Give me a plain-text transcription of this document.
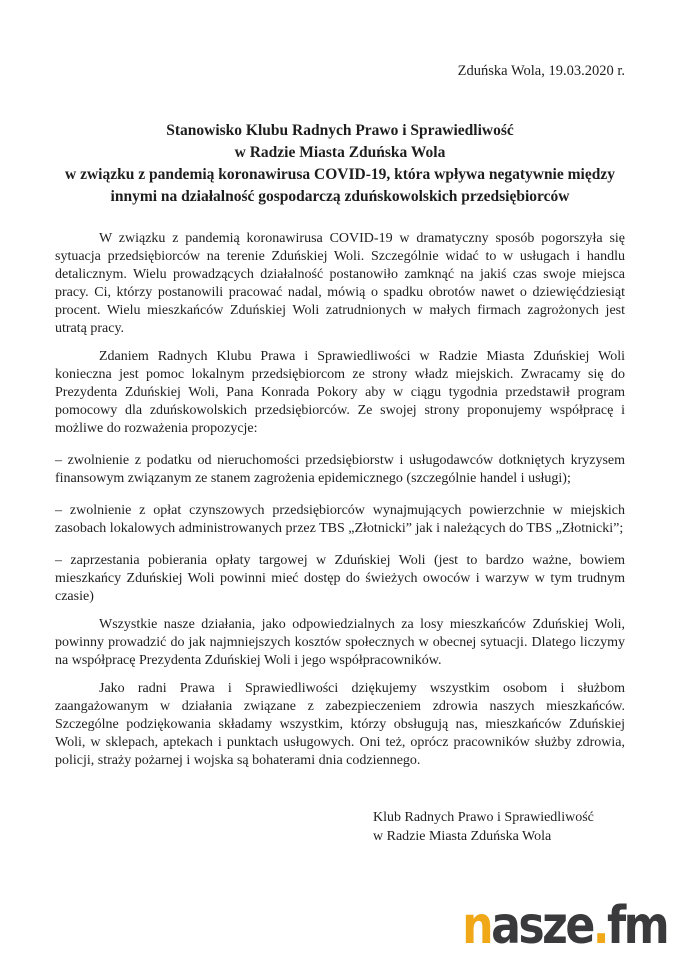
Zduńska Wola, 19.03.2020 r.
Stanowisko Klubu Radnych Prawo i Sprawiedliwość
w Radzie Miasta Zduńska Wola
w związku z pandemią koronawirusa COVID-19, która wpływa negatywnie między
innymi na działalność gospodarczą zduńskowolskich przedsiębiorców

W związku z pandemią koronawirusa COVID-19 w dramatyczny sposób pogorszyła się sytuacja przedsiębiorców na terenie Zduńskiej Woli. Szczególnie widać to w usługach i handlu detalicznym. Wielu prowadzących działalność postanowiło zamknąć na jakiś czas swoje miejsca pracy. Ci, którzy postanowili pracować nadal, mówią o spadku obrotów nawet o dziewięćdziesiąt procent. Wielu mieszkańców Zduńskiej Woli zatrudnionych w małych firmach zagrożonych jest utratą pracy.

Zdaniem Radnych Klubu Prawa i Sprawiedliwości w Radzie Miasta Zduńskiej Woli konieczna jest pomoc lokalnym przedsiębiorcom ze strony władz miejskich. Zwracamy się do Prezydenta Zduńskiej Woli, Pana Konrada Pokory aby w ciągu tygodnia przedstawił program pomocowy dla zduńskowolskich przedsiębiorców. Ze swojej strony proponujemy współpracę i możliwe do rozważenia propozycje:

– zwolnienie z podatku od nieruchomości przedsiębiorstw i usługodawców dotkniętych kryzysem finansowym związanym ze stanem zagrożenia epidemicznego (szczególnie handel i usługi);

– zwolnienie z opłat czynszowych przedsiębiorców wynajmujących powierzchnie w miejskich zasobach lokalowych administrowanych przez TBS „Złotnicki” jak i należących do TBS „Złotnicki”;

– zaprzestania pobierania opłaty targowej w Zduńskiej Woli (jest to bardzo ważne, bowiem mieszkańcy Zduńskiej Woli powinni mieć dostęp do świeżych owoców i warzyw w tym trudnym czasie)

Wszystkie nasze działania, jako odpowiedzialnych za losy mieszkańców Zduńskiej Woli, powinny prowadzić do jak najmniejszych kosztów społecznych w obecnej sytuacji. Dlatego liczymy na współpracę Prezydenta Zduńskiej Woli i jego współpracowników.

Jako radni Prawa i Sprawiedliwości dziękujemy wszystkim osobom i służbom zaangażowanym w działania związane z zabezpieczeniem zdrowia naszych mieszkańców. Szczególne podziękowania składamy wszystkim, którzy obsługują nas, mieszkańców Zduńskiej Woli, w sklepach, aptekach i punktach usługowych. Oni też, oprócz pracowników służby zdrowia, policji, straży pożarnej i wojska są bohaterami dnia codziennego.

Klub Radnych Prawo i Sprawiedliwość
w Radzie Miasta Zduńska Wola
nasze.fm
